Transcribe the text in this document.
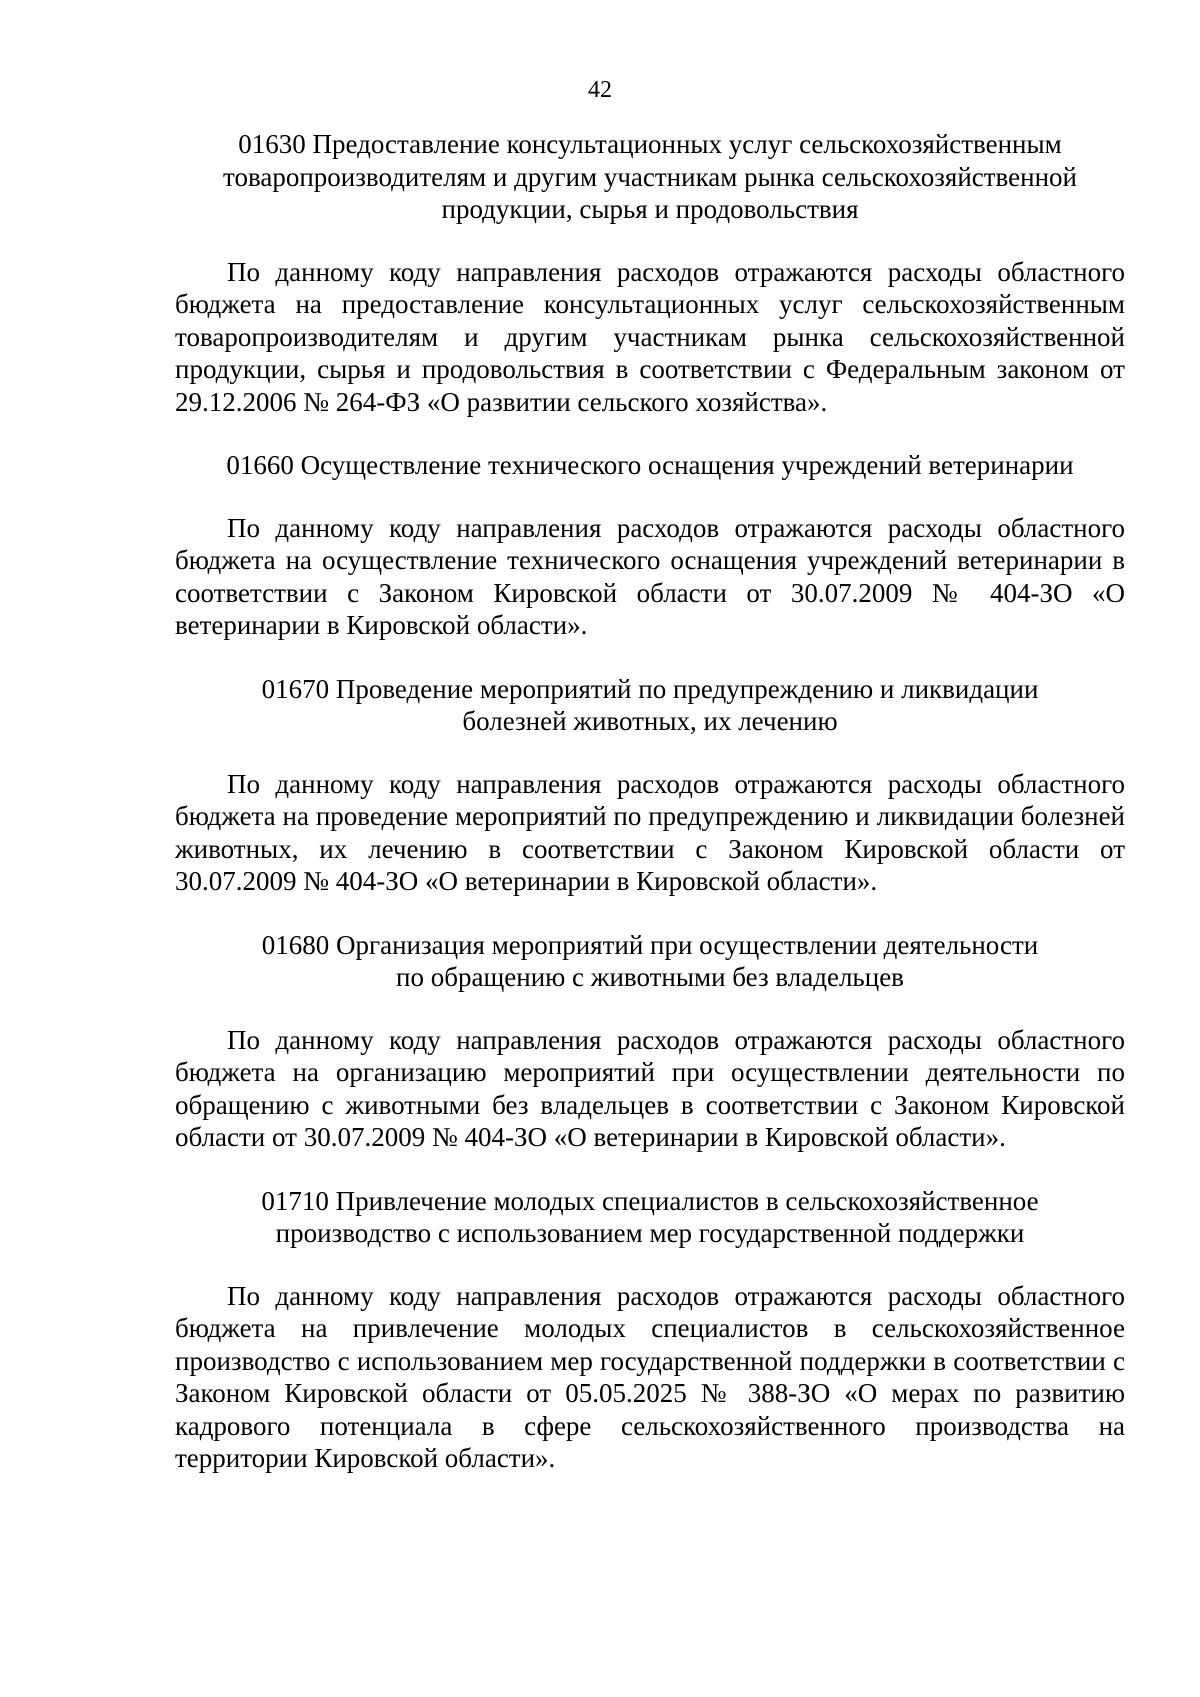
42

01630 Предоставление консультационных услуг сельскохозяйственным
товаропроизводителям и другим участникам рынка сельскохозяйственной
продукции, сырья и продовольствия

По данному коду направления расходов отражаются расходы областного бюджета на предоставление консультационных услуг сельскохозяйственным товаропроизводителям и другим участникам рынка сельскохозяйственной продукции, сырья и продовольствия в соответствии с Федеральным законом от 29.12.2006 № 264-ФЗ «О развитии сельского хозяйства».

01660 Осуществление технического оснащения учреждений ветеринарии

По данному коду направления расходов отражаются расходы областного бюджета на осуществление технического оснащения учреждений ветеринарии в соответствии с Законом Кировской области от 30.07.2009 № 404-ЗО «О ветеринарии в Кировской области».

01670 Проведение мероприятий по предупреждению и ликвидации
болезней животных, их лечению

По данному коду направления расходов отражаются расходы областного бюджета на проведение мероприятий по предупреждению и ликвидации болезней животных, их лечению в соответствии с Законом Кировской области от 30.07.2009 № 404-ЗО «О ветеринарии в Кировской области».

01680 Организация мероприятий при осуществлении деятельности
по обращению с животными без владельцев

По данному коду направления расходов отражаются расходы областного бюджета на организацию мероприятий при осуществлении деятельности по обращению с животными без владельцев в соответствии с Законом Кировской области от 30.07.2009 № 404-ЗО «О ветеринарии в Кировской области».

01710 Привлечение молодых специалистов в сельскохозяйственное
производство с использованием мер государственной поддержки

По данному коду направления расходов отражаются расходы областного бюджета на привлечение молодых специалистов в сельскохозяйственное производство с использованием мер государственной поддержки в соответствии с Законом Кировской области от 05.05.2025 № 388-ЗО «О мерах по развитию кадрового потенциала в сфере сельскохозяйственного производства на территории Кировской области».
